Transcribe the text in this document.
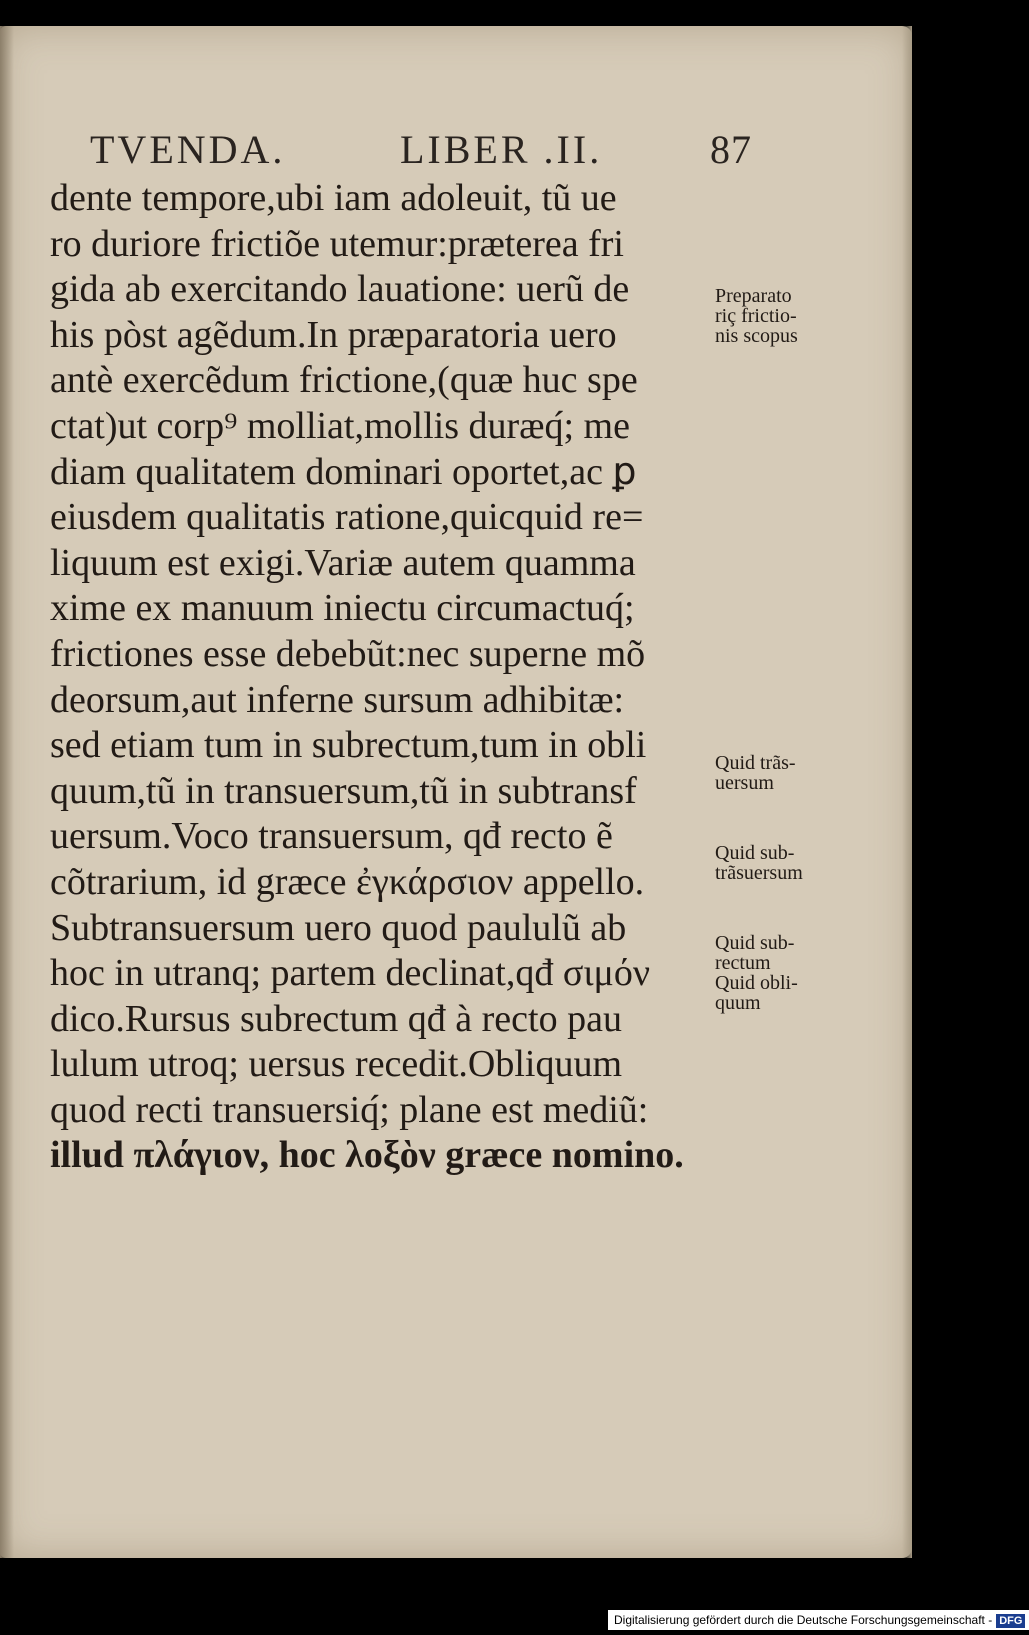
TVENDA.	LIBER .II.	87
dente tempore,ubi iam adoleuit, tũ ue
ro duriore frictiõe utemur:præterea fri
gida ab exercitando lauatione: uerũ de
his pòst agẽdum.In præparatoria uero
antè exercẽdum frictione,(quæ huc spe
ctat)ut corp⁹ molliat,mollis duræq́; me
diam qualitatem dominari oportet,ac ꝑ
eiusdem qualitatis ratione,quicquid re=
liquum est exigi.Variæ autem quamma
xime ex manuum iniectu circumactuq́;
frictiones esse debebũt:nec superne mõ
deorsum,aut inferne sursum adhibitæ:
sed etiam tum in subrectum,tum in obli
quum,tũ in transuersum,tũ in subtransf
uersum.Voco transuersum, qđ recto ẽ
cõtrarium, id græce ἐγκάρσιον appello.
Subtransuersum uero quod paululũ ab
hoc in utranq; partem declinat,qđ σιμόν
dico.Rursus subrectum qđ à recto pau
lulum utroq; uersus recedit.Obliquum
quod recti transuersiq́; plane est mediũ:
illud πλάγιον, hoc λοξὸν græce nomino.
Preparato
riç frictio-
nis scopus
Quid trãs-
uersum
Quid sub-
trãsuersum
Quid sub-
rectum
Quid obli-
quum
Digitalisierung gefördert durch die Deutsche Forschungsgemeinschaft - DFG
